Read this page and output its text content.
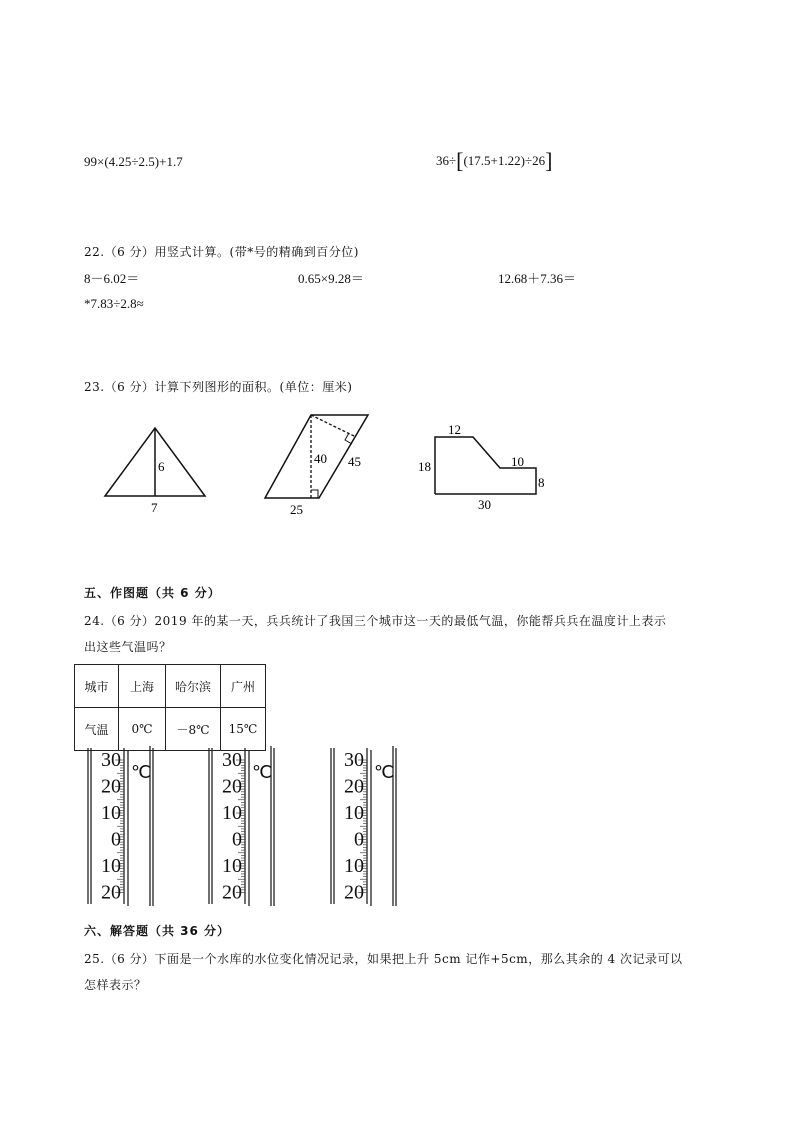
99×(4.25÷2.5)+1.7	36÷[(17.5+1.22)÷26]
22.（6 分）用竖式计算。(带*号的精确到百分位)
8－6.02＝	0.65×9.28＝	12.68＋7.36＝
*7.83÷2.8≈
23.（6 分）计算下列图形的面积。(单位：厘米)
6
7
40 45
25
12
18	10
8
30
五、作图题（共 6 分）
24.（6 分）2019 年的某一天，兵兵统计了我国三个城市这一天的最低气温，你能帮兵兵在温度计上表示
出这些气温吗？
城市	上海	哈尔滨	广州
气温	0℃	－8℃	15℃
30
20
10
0
10
20
℃
30
20
10
0
10
20
℃
30
20
10
0
10
20
℃
六、解答题（共 36 分）
25.（6 分）下面是一个水库的水位变化情况记录，如果把上升 5cm 记作+5cm，那么其余的 4 次记录可以
怎样表示？
